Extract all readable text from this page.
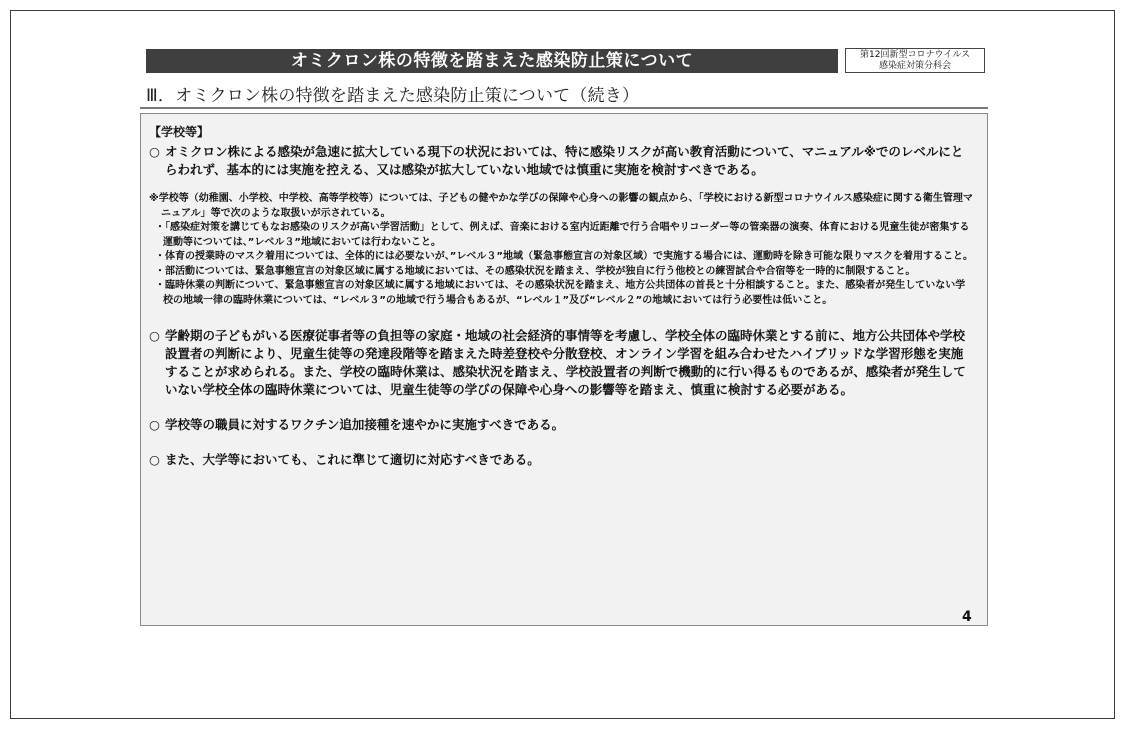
オミクロン株の特徴を踏まえた感染防止策について	第12回新型コロナウイルス
感染症対策分科会
Ⅲ．オミクロン株の特徴を踏まえた感染防止策について（続き）

【学校等】

○ オミクロン株による感染が急速に拡大している現下の状況においては、特に感染リスクが高い教育活動について、マニュアル※でのレベルにとらわれず、基本的には実施を控える、又は感染が拡大していない地域では慎重に実施を検討すべきである。

※学校等（幼稚園、小学校、中学校、高等学校等）については、子どもの健やかな学びの保障や心身への影響の観点から、「学校における新型コロナウイルス感染症に関する衛生管理マニュアル」等で次のような取扱いが示されている。

・「感染症対策を講じてもなお感染のリスクが高い学習活動」として、例えば、音楽における室内近距離で行う合唱やリコーダー等の管楽器の演奏、体育における児童生徒が密集する運動等については、”レベル３”地域においては行わないこと。

・体育の授業時のマスク着用については、全体的には必要ないが、”レベル３”地域（緊急事態宣言の対象区域）で実施する場合には、運動時を除き可能な限りマスクを着用すること。

・部活動については、緊急事態宣言の対象区域に属する地域においては、その感染状況を踏まえ、学校が独自に行う他校との練習試合や合宿等を一時的に制限すること。

・臨時休業の判断について、緊急事態宣言の対象区域に属する地域においては、その感染状況を踏まえ、地方公共団体の首長と十分相談すること。また、感染者が発生していない学校の地域一律の臨時休業については、“レベル３”の地域で行う場合もあるが、“レベル１”及び“レベル２”の地域においては行う必要性は低いこと。

○ 学齢期の子どもがいる医療従事者等の負担等の家庭・地域の社会経済的事情等を考慮し、学校全体の臨時休業とする前に、地方公共団体や学校設置者の判断により、児童生徒等の発達段階等を踏まえた時差登校や分散登校、オンライン学習を組み合わせたハイブリッドな学習形態を実施することが求められる。また、学校の臨時休業は、感染状況を踏まえ、学校設置者の判断で機動的に行い得るものであるが、感染者が発生していない学校全体の臨時休業については、児童生徒等の学びの保障や心身への影響等を踏まえ、慎重に検討する必要がある。

○ 学校等の職員に対するワクチン追加接種を速やかに実施すべきである。

○ また、大学等においても、これに準じて適切に対応すべきである。

4
